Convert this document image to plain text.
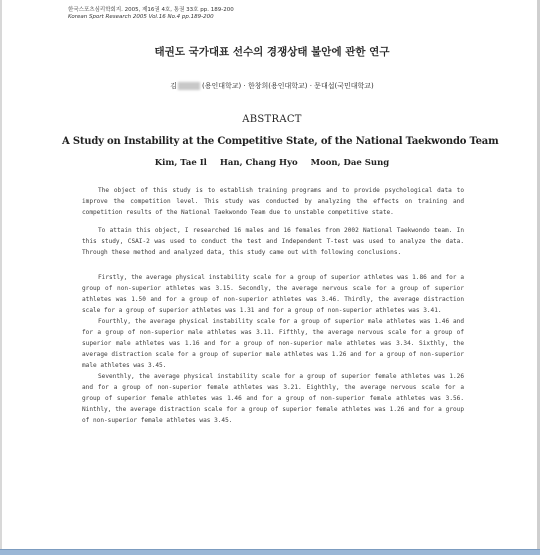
한국스포츠심리학회지. 2005, 제16권 4호, 통권 33호 pp. 189-200
Korean Sport Research 2005 Vol.16 No.4 pp.189-200
태권도 국가대표 선수의 경쟁상태 불안에 관한 연구
김	(용인대학교) · 한창희(용인대학교) · 문대섭(국민대학교)
ABSTRACT
A Study on Instability at the Competitive State, of the National Taekwondo Team
Kim, Tae Il Han, Chang Hyo Moon, Dae Sung

The object of this study is to establish training programs and to provide psychological data to improve the competition level. This study was conducted by analyzing the effects on training and competition results of the National Taekwondo Team due to unstable competitive state.

To attain this object, I researched 16 males and 16 females from 2002 National Taekwondo team. In this study, CSAI-2 was used to conduct the test and Independent T-test was used to analyze the data. Through these method and analyzed data, this study came out with following conclusions.

Firstly, the average physical instability scale for a group of superior athletes was 1.86 and for a group of non-superior athletes was 3.15. Secondly, the average nervous scale for a group of superior athletes was 1.50 and for a group of non-superior athletes was 3.46. Thirdly, the average distraction scale for a group of superior athletes was 1.31 and for a group of non-superior athletes was 3.41.

Fourthly, the average physical instability scale for a group of superior male athletes was 1.46 and for a group of non-superior male athletes was 3.11. Fifthly, the average nervous scale for a group of superior male athletes was 1.16 and for a group of non-superior male athletes was 3.34. Sixthly, the average distraction scale for a group of superior male athletes was 1.26 and for a group of non-superior male athletes was 3.45.

Seventhly, the average physical instability scale for a group of superior female athletes was 1.26 and for a group of non-superior female athletes was 3.21. Eighthly, the average nervous scale for a group of superior female athletes was 1.46 and for a group of non-superior female athletes was 3.56. Ninthly, the average distraction scale for a group of superior female athletes was 1.26 and for a group of non-superior female athletes was 3.45.
